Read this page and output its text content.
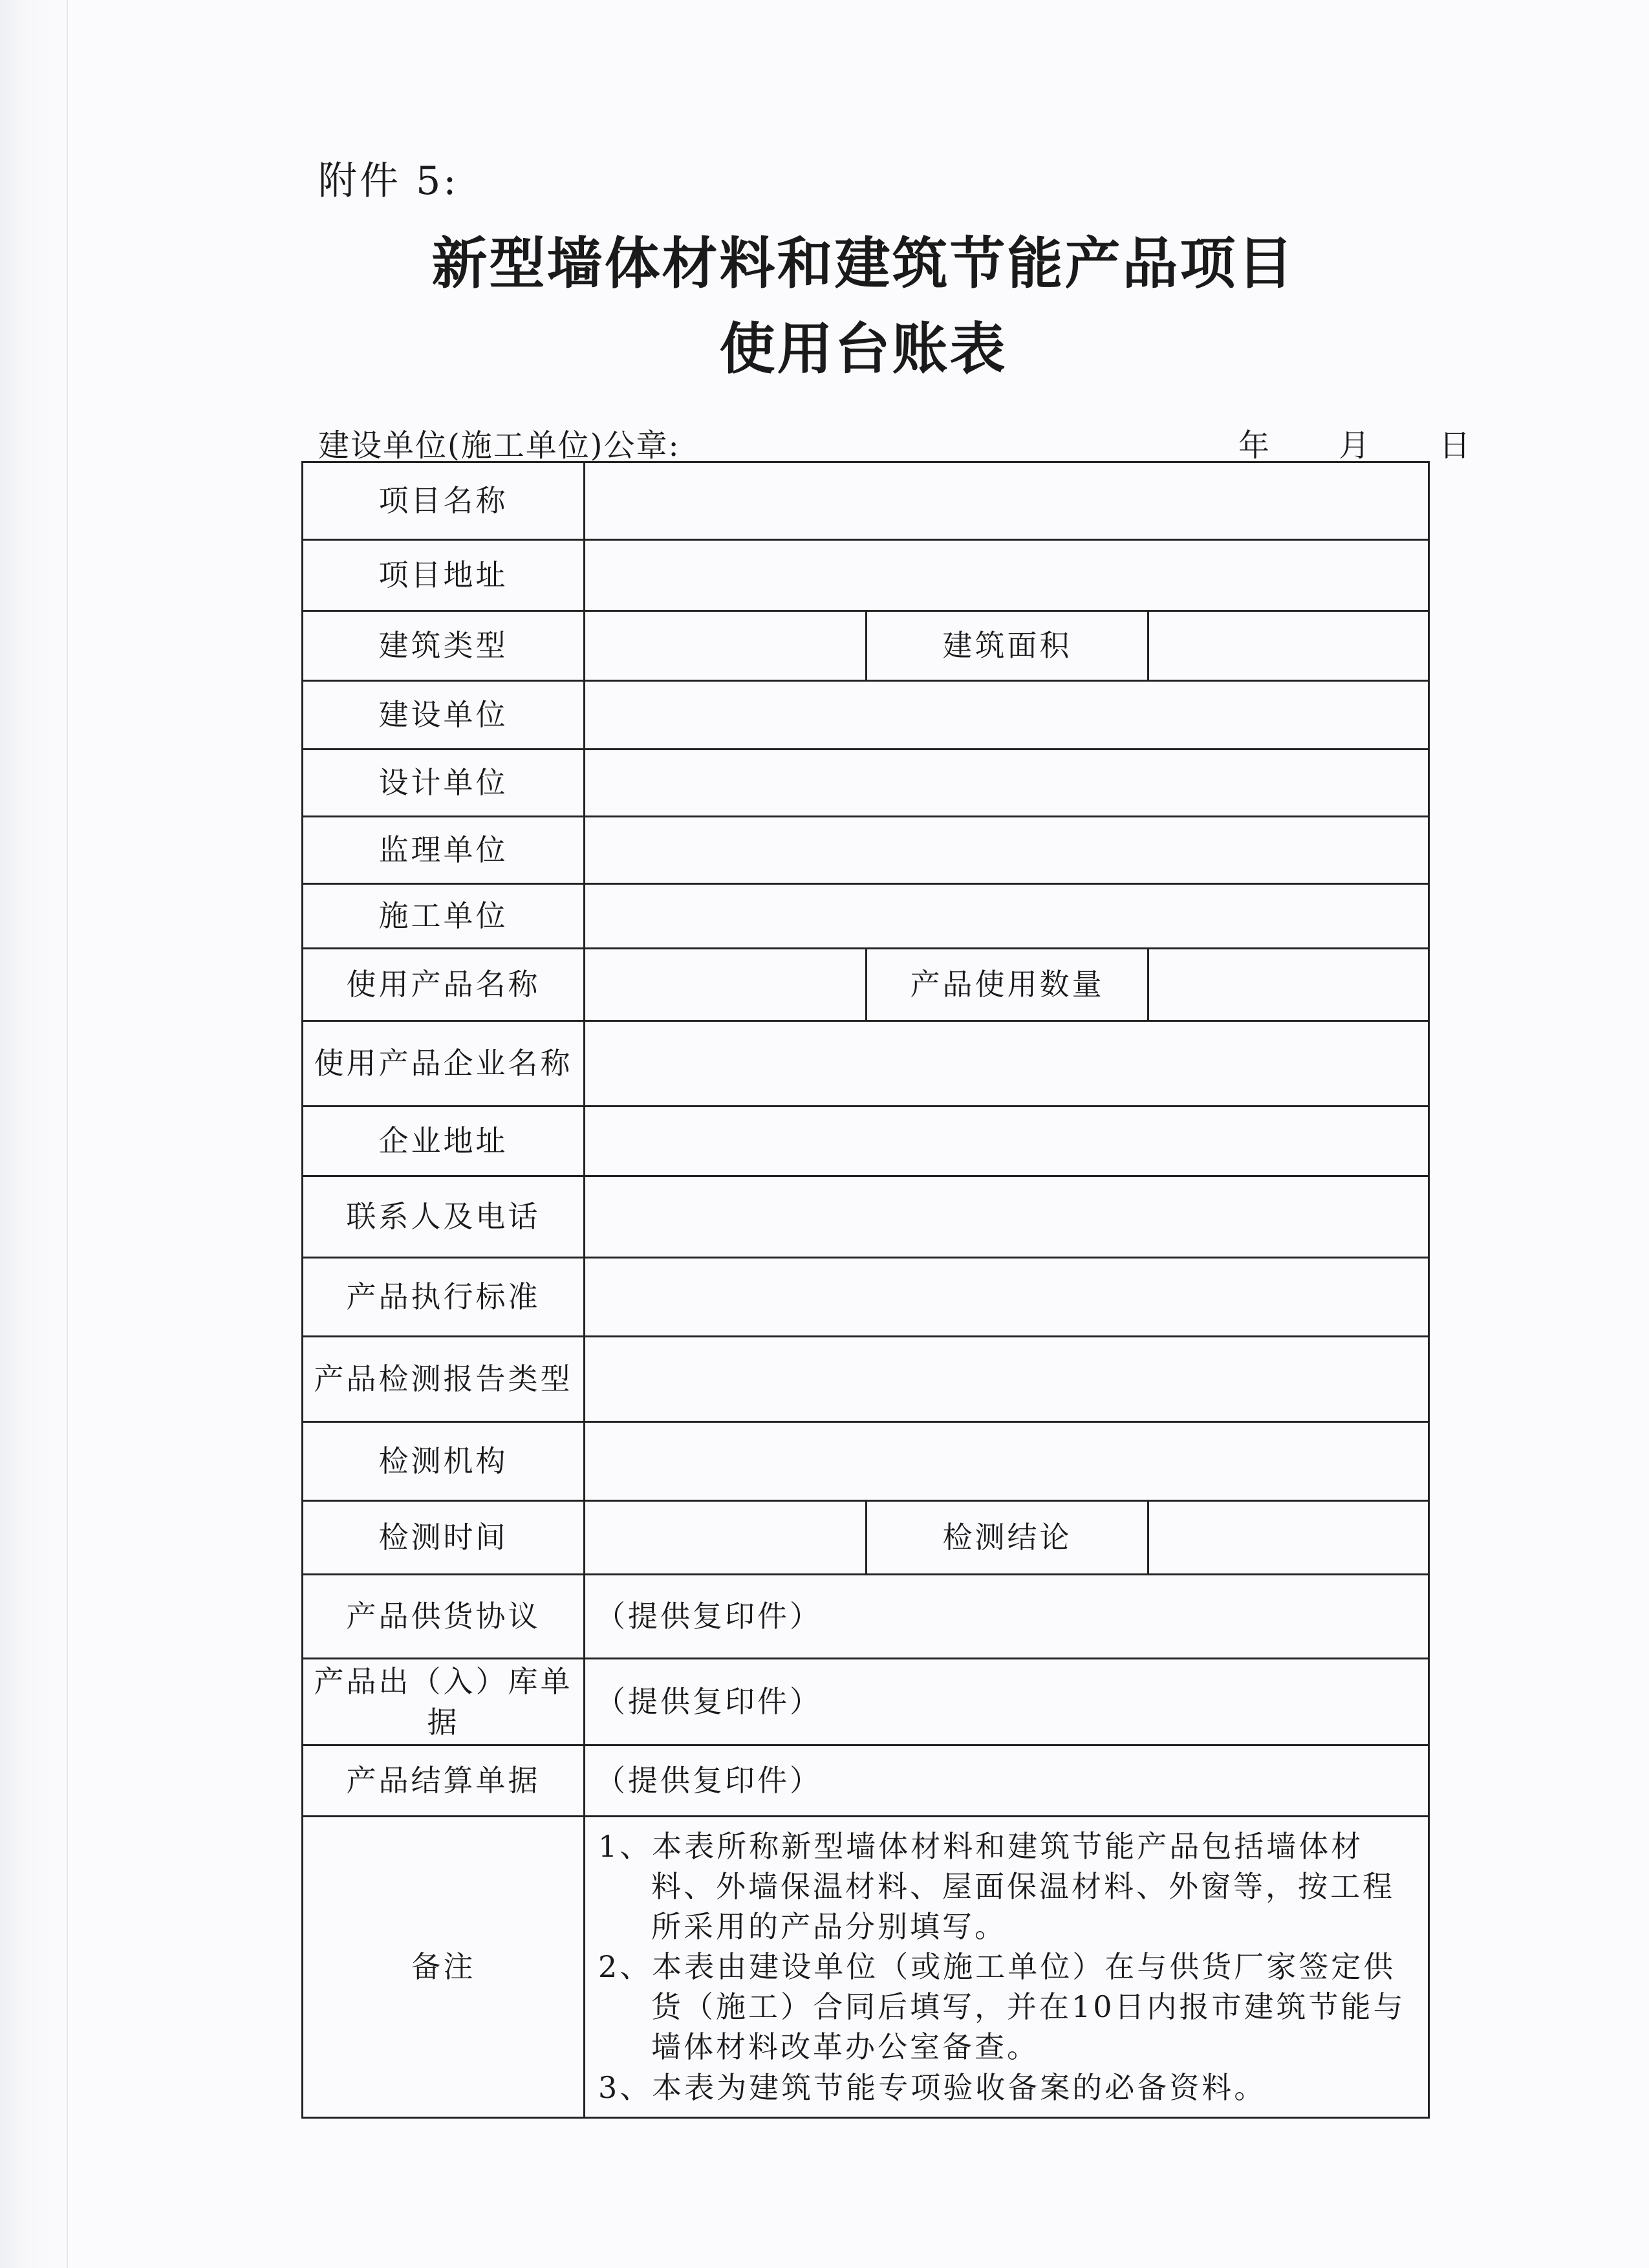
附件 5:
新型墙体材料和建筑节能产品项目
使用台账表
建设单位(施工单位)公章:	年 月 日
项目名称			
项目地址			
建筑类型		建筑面积	
建设单位			
设计单位			
监理单位			
施工单位			
使用产品名称		产品使用数量	
使用产品企业名称			
企业地址			
联系人及电话			
产品执行标准			
产品检测报告类型			
检测机构			
检测时间		检测结论	
产品供货协议	（提供复印件）		
产品出（入）库单据	（提供复印件）		
产品结算单据	（提供复印件）		
备注	1、本表所称新型墙体材料和建筑节能产品包括墙体材料、外墙保温材料、屋面保温材料、外窗等，按工程所采用的产品分别填写。
2、本表由建设单位（或施工单位）在与供货厂家签定供货（施工）合同后填写，并在10日内报市建筑节能与墙体材料改革办公室备查。
3、本表为建筑节能专项验收备案的必备资料。		
